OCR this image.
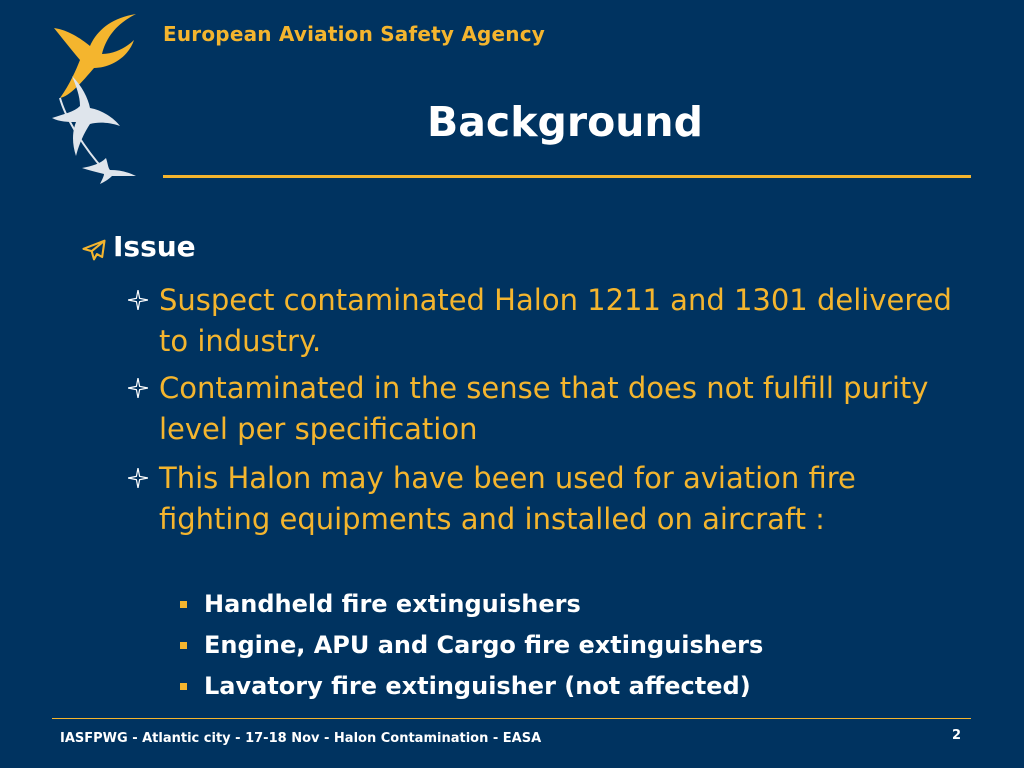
European Aviation Safety Agency
Background
Issue
Suspect contaminated Halon 1211 and 1301 delivered to industry.
Contaminated in the sense that does not fulfill purity level per specification
This Halon may have been used for aviation fire fighting equipments and installed on aircraft :
Handheld fire extinguishers
Engine, APU and Cargo fire extinguishers
Lavatory fire extinguisher (not affected)
IASFPWG - Atlantic city - 17-18 Nov - Halon Contamination - EASA	2
